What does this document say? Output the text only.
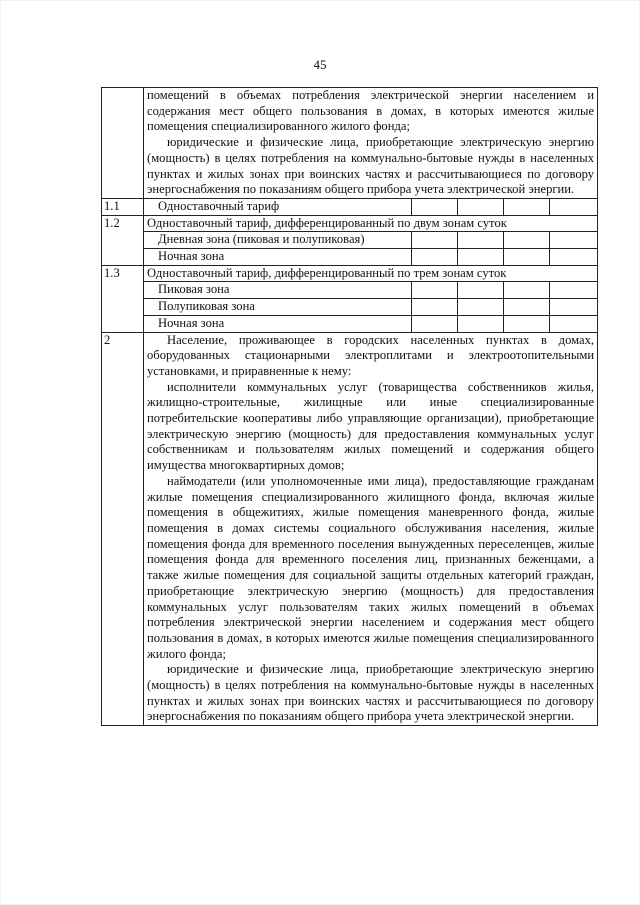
45

	помещений в объемах потребления электрической энергии населением и содержания мест общего пользования в домах, в которых имеются жилые помещения специализированного жилого фонда;

юридические и физические лица, приобретающие электрическую энергию (мощность) в целях потребления на коммунально-бытовые нужды в населенных пунктах и жилых зонах при воинских частях и рассчитывающиеся по договору энергоснабжения по показаниям общего прибора учета электрической энергии.				

1.1	Одноставочный тариф				
1.2	Одноставочный тариф, дифференцированный по двум зонам суток				
	Дневная зона (пиковая и полупиковая)				
	Ночная зона				
1.3	Одноставочный тариф, дифференцированный по трем зонам суток				
	Пиковая зона				
	Полупиковая зона				
	Ночная зона				
2	Население, проживающее в городских населенных пунктах в домах, оборудованных стационарными электроплитами и электроотопительными установками, и приравненные к нему:

исполнители коммунальных услуг (товарищества собственников жилья, жилищно-строительные, жилищные или иные специализированные потребительские кооперативы либо управляющие организации), приобретающие электрическую энергию (мощность) для предоставления коммунальных услуг собственникам и пользователям жилых помещений и содержания общего имущества многоквартирных домов;

наймодатели (или уполномоченные ими лица), предоставляющие гражданам жилые помещения специализированного жилищного фонда, включая жилые помещения в общежитиях, жилые помещения маневренного фонда, жилые помещения в домах системы социального обслуживания населения, жилые помещения фонда для временного поселения вынужденных переселенцев, жилые помещения фонда для временного поселения лиц, признанных беженцами, а также жилые помещения для социальной защиты отдельных категорий граждан, приобретающие электрическую энергию (мощность) для предоставления коммунальных услуг пользователям таких жилых помещений в объемах потребления электрической энергии населением и содержания мест общего пользования в домах, в которых имеются жилые помещения специализированного жилого фонда;

юридические и физические лица, приобретающие электрическую энергию (мощность) в целях потребления на коммунально-бытовые нужды в населенных пунктах и жилых зонах при воинских частях и рассчитывающиеся по договору энергоснабжения по показаниям общего прибора учета электрической энергии.				
